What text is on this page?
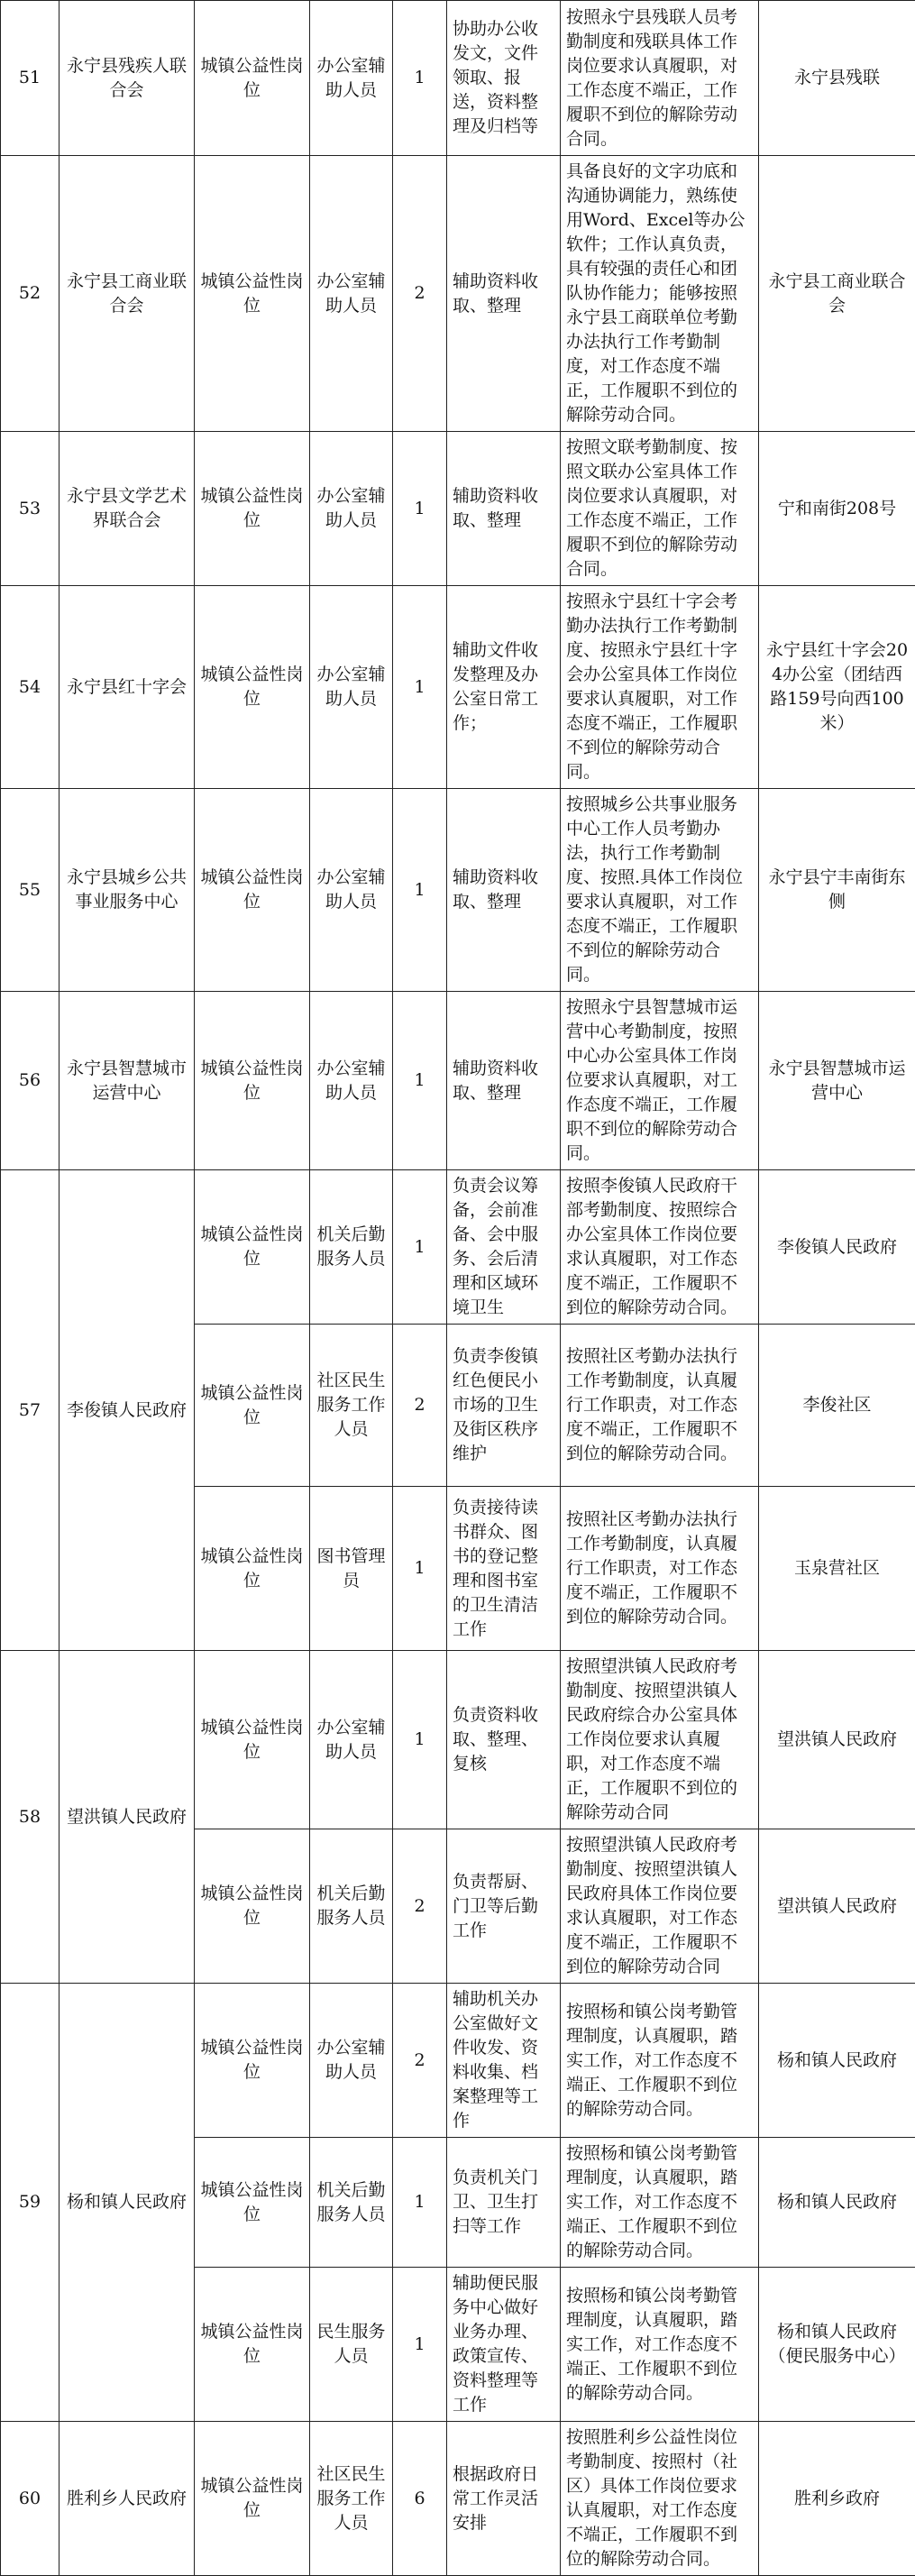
51	永宁县残疾人联合会	城镇公益性岗位	办公室辅助人员	1	协助办公收发文，文件领取、报送，资料整理及归档等	按照永宁县残联人员考勤制度和残联具体工作岗位要求认真履职，对工作态度不端正，工作履职不到位的解除劳动合同。	永宁县残联
52	永宁县工商业联合会	城镇公益性岗位	办公室辅助人员	2	辅助资料收取、整理	具备良好的文字功底和沟通协调能力，熟练使用Word、Excel等办公软件；工作认真负责，具有较强的责任心和团队协作能力；能够按照永宁县工商联单位考勤办法执行工作考勤制度，对工作态度不端正，工作履职不到位的解除劳动合同。	永宁县工商业联合会
53	永宁县文学艺术界联合会	城镇公益性岗位	办公室辅助人员	1	辅助资料收取、整理	按照文联考勤制度、按照文联办公室具体工作岗位要求认真履职，对工作态度不端正，工作履职不到位的解除劳动合同。	宁和南街208号
54	永宁县红十字会	城镇公益性岗位	办公室辅助人员	1	辅助文件收发整理及办公室日常工作；	按照永宁县红十字会考勤办法执行工作考勤制度、按照永宁县红十字会办公室具体工作岗位要求认真履职，对工作态度不端正，工作履职不到位的解除劳动合同。	永宁县红十字会204办公室（团结西路159号向西100米）
55	永宁县城乡公共事业服务中心	城镇公益性岗位	办公室辅助人员	1	辅助资料收取、整理	按照城乡公共事业服务中心工作人员考勤办法，执行工作考勤制度、按照.具体工作岗位要求认真履职，对工作态度不端正，工作履职不到位的解除劳动合同。	永宁县宁丰南街东侧
56	永宁县智慧城市运营中心	城镇公益性岗位	办公室辅助人员	1	辅助资料收取、整理	按照永宁县智慧城市运营中心考勤制度，按照中心办公室具体工作岗位要求认真履职，对工作态度不端正，工作履职不到位的解除劳动合同。	永宁县智慧城市运营中心
57	李俊镇人民政府	城镇公益性岗位	机关后勤服务人员	1	负责会议筹备，会前准备、会中服务、会后清理和区域环境卫生	按照李俊镇人民政府干部考勤制度、按照综合办公室具体工作岗位要求认真履职，对工作态度不端正，工作履职不到位的解除劳动合同。	李俊镇人民政府
		城镇公益性岗位	社区民生服务工作人员	2	负责李俊镇红色便民小市场的卫生及街区秩序维护	按照社区考勤办法执行工作考勤制度，认真履行工作职责，对工作态度不端正，工作履职不到位的解除劳动合同。	李俊社区
		城镇公益性岗位	图书管理员	1	负责接待读书群众、图书的登记整理和图书室的卫生清洁工作	按照社区考勤办法执行工作考勤制度，认真履行工作职责，对工作态度不端正，工作履职不到位的解除劳动合同。	玉泉营社区
58	望洪镇人民政府	城镇公益性岗位	办公室辅助人员	1	负责资料收取、整理、复核	按照望洪镇人民政府考勤制度、按照望洪镇人民政府综合办公室具体工作岗位要求认真履职，对工作态度不端正，工作履职不到位的解除劳动合同	望洪镇人民政府
		城镇公益性岗位	机关后勤服务人员	2	负责帮厨、门卫等后勤工作	按照望洪镇人民政府考勤制度、按照望洪镇人民政府具体工作岗位要求认真履职，对工作态度不端正，工作履职不到位的解除劳动合同	望洪镇人民政府
59	杨和镇人民政府	城镇公益性岗位	办公室辅助人员	2	辅助机关办公室做好文件收发、资料收集、档案整理等工作	按照杨和镇公岗考勤管理制度，认真履职，踏实工作，对工作态度不端正、工作履职不到位的解除劳动合同。	杨和镇人民政府
		城镇公益性岗位	机关后勤服务人员	1	负责机关门卫、卫生打扫等工作	按照杨和镇公岗考勤管理制度，认真履职，踏实工作，对工作态度不端正、工作履职不到位的解除劳动合同。	杨和镇人民政府
		城镇公益性岗位	民生服务人员	1	辅助便民服务中心做好业务办理、政策宣传、资料整理等工作	按照杨和镇公岗考勤管理制度，认真履职，踏实工作，对工作态度不端正、工作履职不到位的解除劳动合同。	杨和镇人民政府（便民服务中心）
60	胜利乡人民政府	城镇公益性岗位	社区民生服务工作人员	6	根据政府日常工作灵活安排	按照胜利乡公益性岗位考勤制度、按照村（社区）具体工作岗位要求认真履职，对工作态度不端正，工作履职不到位的解除劳动合同。	胜利乡政府
